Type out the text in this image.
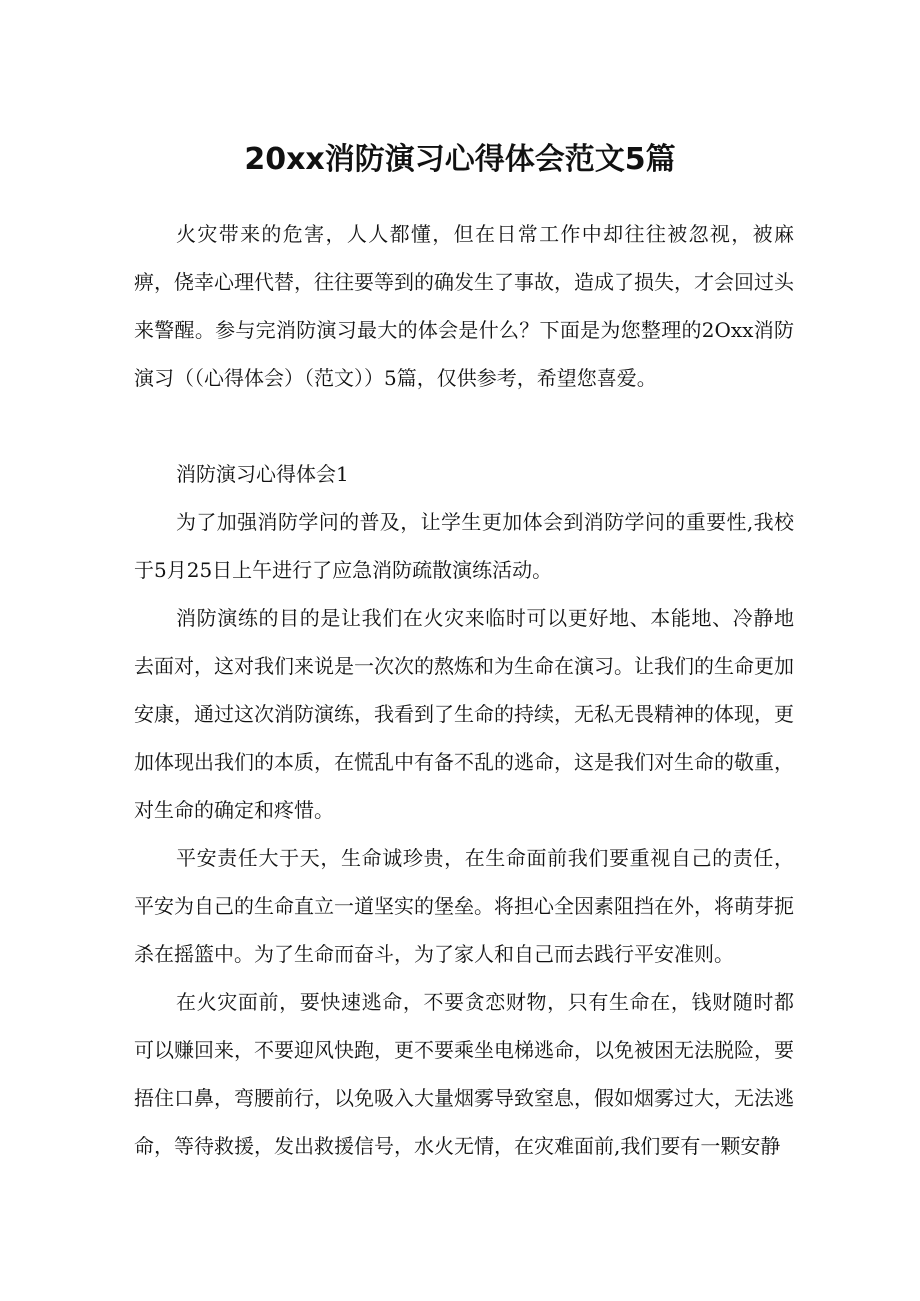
20xx消防演习心得体会范文5篇

火灾带来的危害，人人都懂，但在日常工作中却往往被忽视，被麻痹，侥幸心理代替，往往要等到的确发生了事故，造成了损失，才会回过头来警醒。参与完消防演习最大的体会是什么？下面是为您整理的2Oxx消防演习（（心得体会）（范文））5篇，仅供参考，希望您喜爱。

消防演习心得体会1

为了加强消防学问的普及，让学生更加体会到消防学问的重要性,我校于5月25日上午进行了应急消防疏散演练活动。

消防演练的目的是让我们在火灾来临时可以更好地、本能地、冷静地去面对，这对我们来说是一次次的熬炼和为生命在演习。让我们的生命更加安康，通过这次消防演练，我看到了生命的持续，无私无畏精神的体现，更加体现出我们的本质，在慌乱中有备不乱的逃命，这是我们对生命的敬重，对生命的确定和疼惜。

平安责任大于天，生命诚珍贵，在生命面前我们要重视自己的责任，平安为自己的生命直立一道坚实的堡垒。将担心全因素阻挡在外，将萌芽扼杀在摇篮中。为了生命而奋斗，为了家人和自己而去践行平安准则。

在火灾面前，要快速逃命，不要贪恋财物，只有生命在，钱财随时都可以赚回来，不要迎风快跑，更不要乘坐电梯逃命，以免被困无法脱险，要捂住口鼻，弯腰前行，以免吸入大量烟雾导致窒息，假如烟雾过大，无法逃命，等待救援，发出救援信号，水火无情，在灾难面前,我们要有一颗安静
